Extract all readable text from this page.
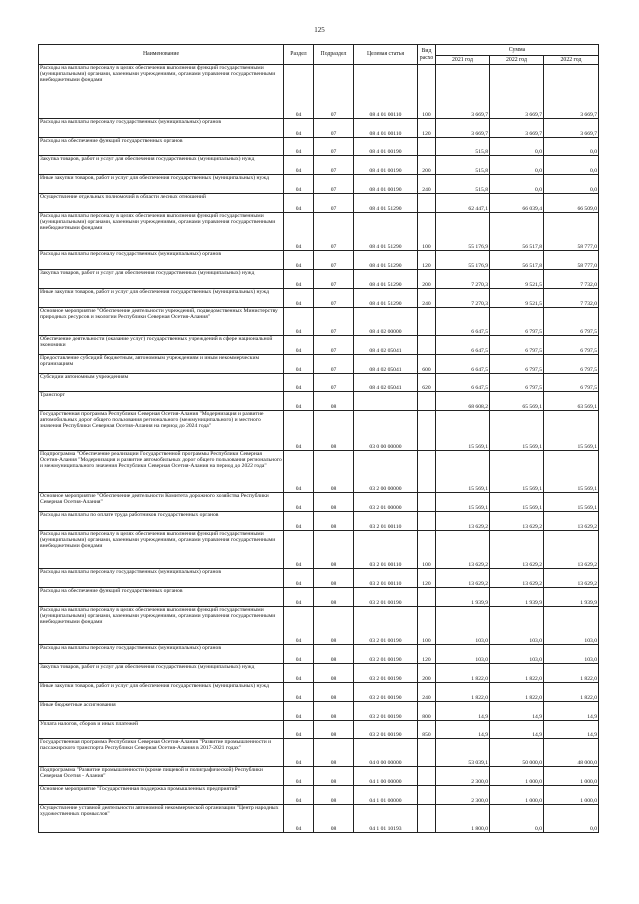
125
Наименование	Раздел	Подраздел	Целевая статья	Вид расхо	Сумма		
					2021 год	2022 год	2022 год
Расходы на выплаты персоналу в целях обеспечения выполнения функций государственными (муниципальными) органами, казенными учреждениями, органами управления государственными внебюджетными фондами	04	07	08 4 01 00110	100	3 669,7	3 669,7	3 669,7
Расходы на выплаты персоналу государственных (муниципальных) органов	04	07	08 4 01 00110	120	3 669,7	3 669,7	3 669,7
Расходы на обеспечение функций государственных органов	04	07	08 4 01 00190		515,8	0,0	0,0
Закупка товаров, работ и услуг для обеспечения государственных (муниципальных) нужд	04	07	08 4 01 00190	200	515,8	0,0	0,0
Иные закупки товаров, работ и услуг для обеспечения государственных (муниципальных) нужд	04	07	08 4 01 00190	240	515,8	0,0	0,0
Осуществление отдельных полномочий в области лесных отношений	04	07	08 4 01 51290		62 447,1	66 039,4	66 509,0
Расходы на выплаты персоналу в целях обеспечения выполнения функций государственными (муниципальными) органами, казенными учреждениями, органами управления государственными внебюджетными фондами	04	07	08 4 01 51290	100	55 176,9	56 517,8	58 777,0
Расходы на выплаты персоналу государственных (муниципальных) органов	04	07	08 4 01 51290	120	55 176,9	56 517,8	58 777,0
Закупка товаров, работ и услуг для обеспечения государственных (муниципальных) нужд	04	07	08 4 01 51290	200	7 270,3	9 521,5	7 732,0
Иные закупки товаров, работ и услуг для обеспечения государственных (муниципальных) нужд	04	07	08 4 01 51290	240	7 270,3	9 521,5	7 732,0
Основное мероприятие "Обеспечение деятельности учреждений, подведомственных Министерству природных ресурсов и экологии Республики Северная Осетия-Алания"	04	07	08 4 02 00000		6 647,5	6 797,5	6 797,5
Обеспечение деятельности (оказание услуг) государственных учреждений в сфере национальной экономики	04	07	08 4 02 05041		6 647,5	6 797,5	6 797,5
Предоставление субсидий бюджетным, автономным учреждениям и иным некоммерческим организациям	04	07	08 4 02 05041	600	6 647,5	6 797,5	6 797,5
Субсидии автономным учреждениям	04	07	08 4 02 05041	620	6 647,5	6 797,5	6 797,5
Транспорт	04	08			68 608,2	65 569,1	63 569,1
Государственная программа Республики Северная Осетия-Алания "Модернизация и развитие автомобильных дорог общего пользования регионального (межмуниципального) и местного значения Республики Северная Осетия-Алания на период до 2024 года"	04	08	03 0 00 00000		15 569,1	15 569,1	15 569,1
Подпрограмма "Обеспечение реализации Государственной программы Республики Северная Осетия-Алания "Модернизация и развитие автомобильных дорог общего пользования регионального и межмуниципального значения Республики Северная Осетия-Алания на период до 2022 года"	04	08	03 2 00 00000		15 569,1	15 569,1	15 569,1
Основное мероприятие "Обеспечение деятельности Комитета дорожного хозяйства Республики Северная Осетия-Алания"	04	08	03 2 01 00000		15 569,1	15 569,1	15 569,1
Расходы на выплаты по оплате труда работников государственных органов	04	08	03 2 01 00110		13 629,2	13 629,2	13 629,2
Расходы на выплаты персоналу в целях обеспечения выполнения функций государственными (муниципальными) органами, казенными учреждениями, органами управления государственными внебюджетными фондами	04	08	03 2 01 00110	100	13 629,2	13 629,2	13 629,2
Расходы на выплаты персоналу государственных (муниципальных) органов	04	08	03 2 01 00110	120	13 629,2	13 629,2	13 629,2
Расходы на обеспечение функций государственных органов	04	08	03 2 01 00190		1 939,9	1 939,9	1 939,9
Расходы на выплаты персоналу в целях обеспечения выполнения функций государственными (муниципальными) органами, казенными учреждениями, органами управления государственными внебюджетными фондами	04	08	03 2 01 00190	100	103,0	103,0	103,0
Расходы на выплаты персоналу государственных (муниципальных) органов	04	08	03 2 01 00190	120	103,0	103,0	103,0
Закупка товаров, работ и услуг для обеспечения государственных (муниципальных) нужд	04	08	03 2 01 00190	200	1 822,0	1 822,0	1 822,0
Иные закупки товаров, работ и услуг для обеспечения государственных (муниципальных) нужд	04	08	03 2 01 00190	240	1 822,0	1 822,0	1 822,0
Иные бюджетные ассигнования	04	08	03 2 01 00190	800	14,9	14,9	14,9
Уплата налогов, сборов и иных платежей	04	08	03 2 01 00190	850	14,9	14,9	14,9
Государственная программа Республики Северная Осетия-Алания "Развитие промышленности и пассажирского транспорта Республики Северная Осетия-Алания в 2017-2021 годах"	04	08	04 0 00 00000		53 039,1	50 000,0	48 000,0
Подпрограмма "Развитие промышленности (кроме пищевой и полиграфической) Республики Северная Осетия - Алания"	04	08	04 1 00 00000		2 300,0	1 000,0	1 000,0
Основное мероприятие "Государственная поддержка промышленных предприятий"	04	08	04 1 01 00000		2 300,0	1 000,0	1 000,0
Осуществление уставной деятельности автономной некоммерческой организации "Центр народных художественных промыслов"	04	08	04 1 01 10193		1 800,0	0,0	0,0
